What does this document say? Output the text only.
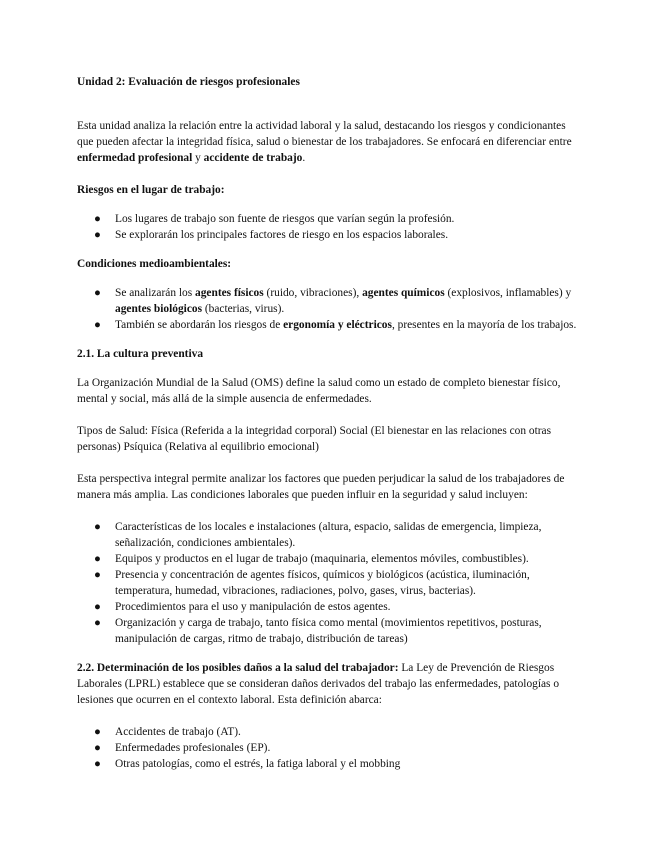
Unidad 2: Evaluación de riesgos profesionales

Esta unidad analiza la relación entre la actividad laboral y la salud, destacando los riesgos y condicionantes que pueden afectar la integridad física, salud o bienestar de los trabajadores. Se enfocará en diferenciar entre enfermedad profesional y accidente de trabajo.

Riesgos en el lugar de trabajo:

● Los lugares de trabajo son fuente de riesgos que varían según la profesión.
● Se explorarán los principales factores de riesgo en los espacios laborales.

Condiciones medioambientales:

● Se analizarán los agentes físicos (ruido, vibraciones), agentes químicos (explosivos, inflamables) y agentes biológicos (bacterias, virus).
● También se abordarán los riesgos de ergonomía y eléctricos, presentes en la mayoría de los trabajos.

2.1. La cultura preventiva

La Organización Mundial de la Salud (OMS) define la salud como un estado de completo bienestar físico, mental y social, más allá de la simple ausencia de enfermedades.

Tipos de Salud: Física (Referida a la integridad corporal) Social (El bienestar en las relaciones con otras personas) Psíquica (Relativa al equilibrio emocional)

Esta perspectiva integral permite analizar los factores que pueden perjudicar la salud de los trabajadores de manera más amplia. Las condiciones laborales que pueden influir en la seguridad y salud incluyen:

● Características de los locales e instalaciones (altura, espacio, salidas de emergencia, limpieza, señalización, condiciones ambientales).
● Equipos y productos en el lugar de trabajo (maquinaria, elementos móviles, combustibles).
● Presencia y concentración de agentes físicos, químicos y biológicos (acústica, iluminación, temperatura, humedad, vibraciones, radiaciones, polvo, gases, virus, bacterias).
● Procedimientos para el uso y manipulación de estos agentes.
● Organización y carga de trabajo, tanto física como mental (movimientos repetitivos, posturas, manipulación de cargas, ritmo de trabajo, distribución de tareas)

2.2. Determinación de los posibles daños a la salud del trabajador: La Ley de Prevención de Riesgos Laborales (LPRL) establece que se consideran daños derivados del trabajo las enfermedades, patologías o lesiones que ocurren en el contexto laboral. Esta definición abarca:

● Accidentes de trabajo (AT).
● Enfermedades profesionales (EP).
● Otras patologías, como el estrés, la fatiga laboral y el mobbing
